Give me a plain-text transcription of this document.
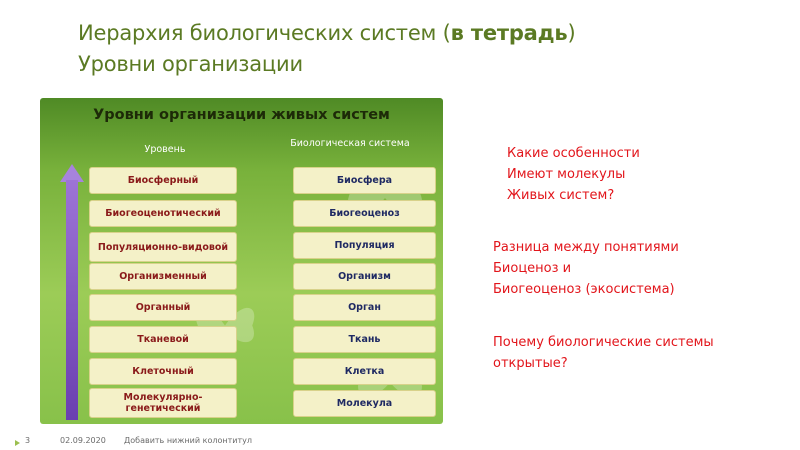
Иерархия биологических систем (в тетрадь)
Уровни организации
Уровни организации живых систем
Уровень
Биологическая система
Биосферный
Биогеоценотический
Популяционно-видовой
Организменный
Органный
Тканевой
Клеточный
Молекулярно-генетический
Биосфера
Биогеоценоз
Популяция
Организм
Орган
Ткань
Клетка
Молекула
Какие особенности
Имеют молекулы
Живых систем?
Разница между понятиями
Биоценоз и
Биогеоценоз (экосистема)
Почему биологические системы
открытые?
3	02.09.2020 Добавить нижний колонтитул
